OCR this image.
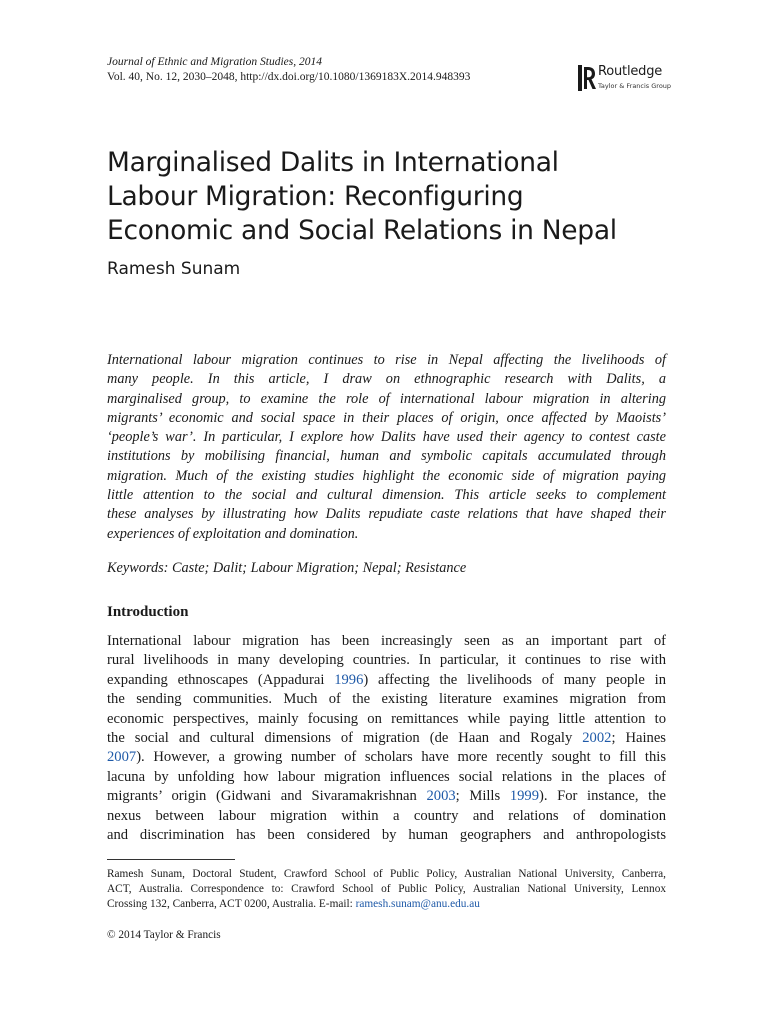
Journal of Ethnic and Migration Studies, 2014
Vol. 40, No. 12, 2030–2048, http://dx.doi.org/10.1080/1369183X.2014.948393	Routledge
Taylor & Francis Group
Marginalised Dalits in International
Labour Migration: Reconfiguring
Economic and Social Relations in Nepal
Ramesh Sunam

International labour migration continues to rise in Nepal affecting the livelihoods of
many people. In this article, I draw on ethnographic research with Dalits, a
marginalised group, to examine the role of international labour migration in altering
migrants’ economic and social space in their places of origin, once affected by Maoists’
‘people’s war’. In particular, I explore how Dalits have used their agency to contest caste
institutions by mobilising financial, human and symbolic capitals accumulated through
migration. Much of the existing studies highlight the economic side of migration paying
little attention to the social and cultural dimension. This article seeks to complement
these analyses by illustrating how Dalits repudiate caste relations that have shaped their
experiences of exploitation and domination.

Keywords: Caste; Dalit; Labour Migration; Nepal; Resistance
Introduction

International labour migration has been increasingly seen as an important part of
rural livelihoods in many developing countries. In particular, it continues to rise with
expanding ethnoscapes (Appadurai 1996) affecting the livelihoods of many people in
the sending communities. Much of the existing literature examines migration from
economic perspectives, mainly focusing on remittances while paying little attention to
the social and cultural dimensions of migration (de Haan and Rogaly 2002; Haines
2007). However, a growing number of scholars have more recently sought to fill this
lacuna by unfolding how labour migration influences social relations in the places of
migrants’ origin (Gidwani and Sivaramakrishnan 2003; Mills 1999). For instance, the
nexus between labour migration within a country and relations of domination
and discrimination has been considered by human geographers and anthropologists

Ramesh Sunam, Doctoral Student, Crawford School of Public Policy, Australian National University, Canberra,
ACT, Australia. Correspondence to: Crawford School of Public Policy, Australian National University, Lennox
Crossing 132, Canberra, ACT 0200, Australia. E-mail: ramesh.sunam@anu.edu.au

© 2014 Taylor & Francis
